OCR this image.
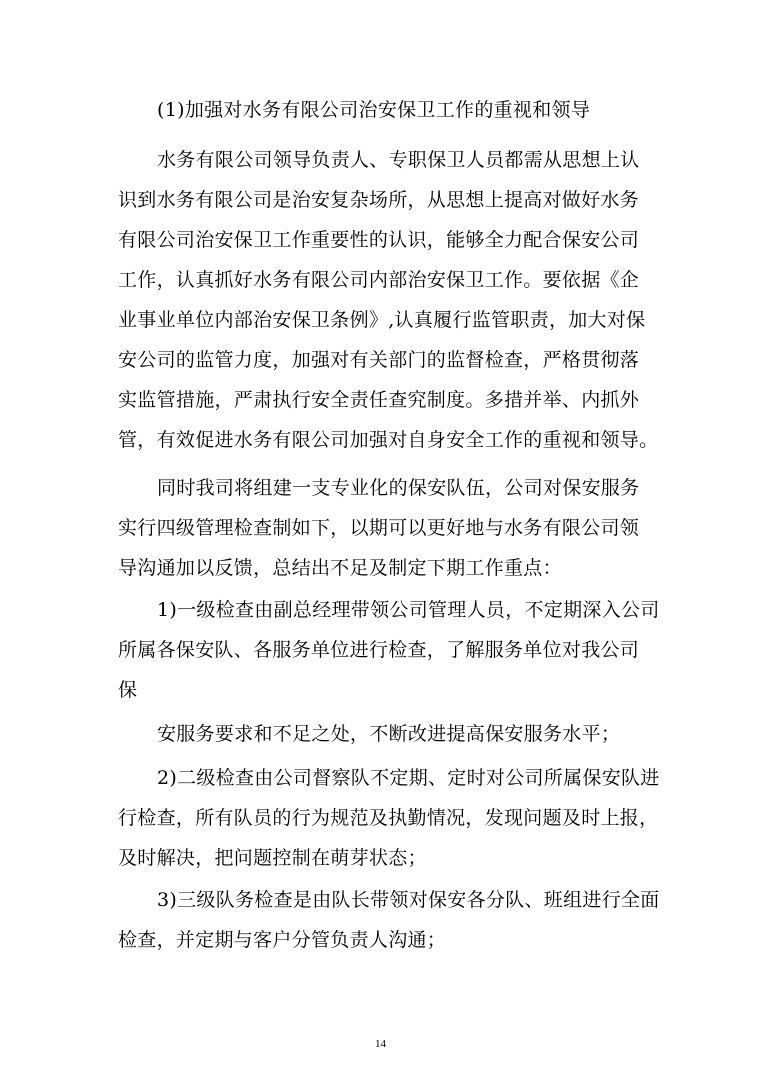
(1)加强对水务有限公司治安保卫工作的重视和领导
水务有限公司领导负责人、专职保卫人员都需从思想上认
识到水务有限公司是治安复杂场所，从思想上提高对做好水务
有限公司治安保卫工作重要性的认识，能够全力配合保安公司
工作，认真抓好水务有限公司内部治安保卫工作。要依据《企
业事业单位内部治安保卫条例》,认真履行监管职责，加大对保
安公司的监管力度，加强对有关部门的监督检查，严格贯彻落
实监管措施，严肃执行安全责任查究制度。多措并举、内抓外
管，有效促进水务有限公司加强对自身安全工作的重视和领导。
同时我司将组建一支专业化的保安队伍，公司对保安服务
实行四级管理检查制如下，以期可以更好地与水务有限公司领
导沟通加以反馈，总结出不足及制定下期工作重点：
1)一级检查由副总经理带领公司管理人员，不定期深入公司
所属各保安队、各服务单位进行检查，了解服务单位对我公司
保
安服务要求和不足之处，不断改进提高保安服务水平；
2)二级检查由公司督察队不定期、定时对公司所属保安队进
行检查，所有队员的行为规范及执勤情况，发现问题及时上报，
及时解决，把问题控制在萌芽状态；
3)三级队务检查是由队长带领对保安各分队、班组进行全面
检查，并定期与客户分管负责人沟通；
14
